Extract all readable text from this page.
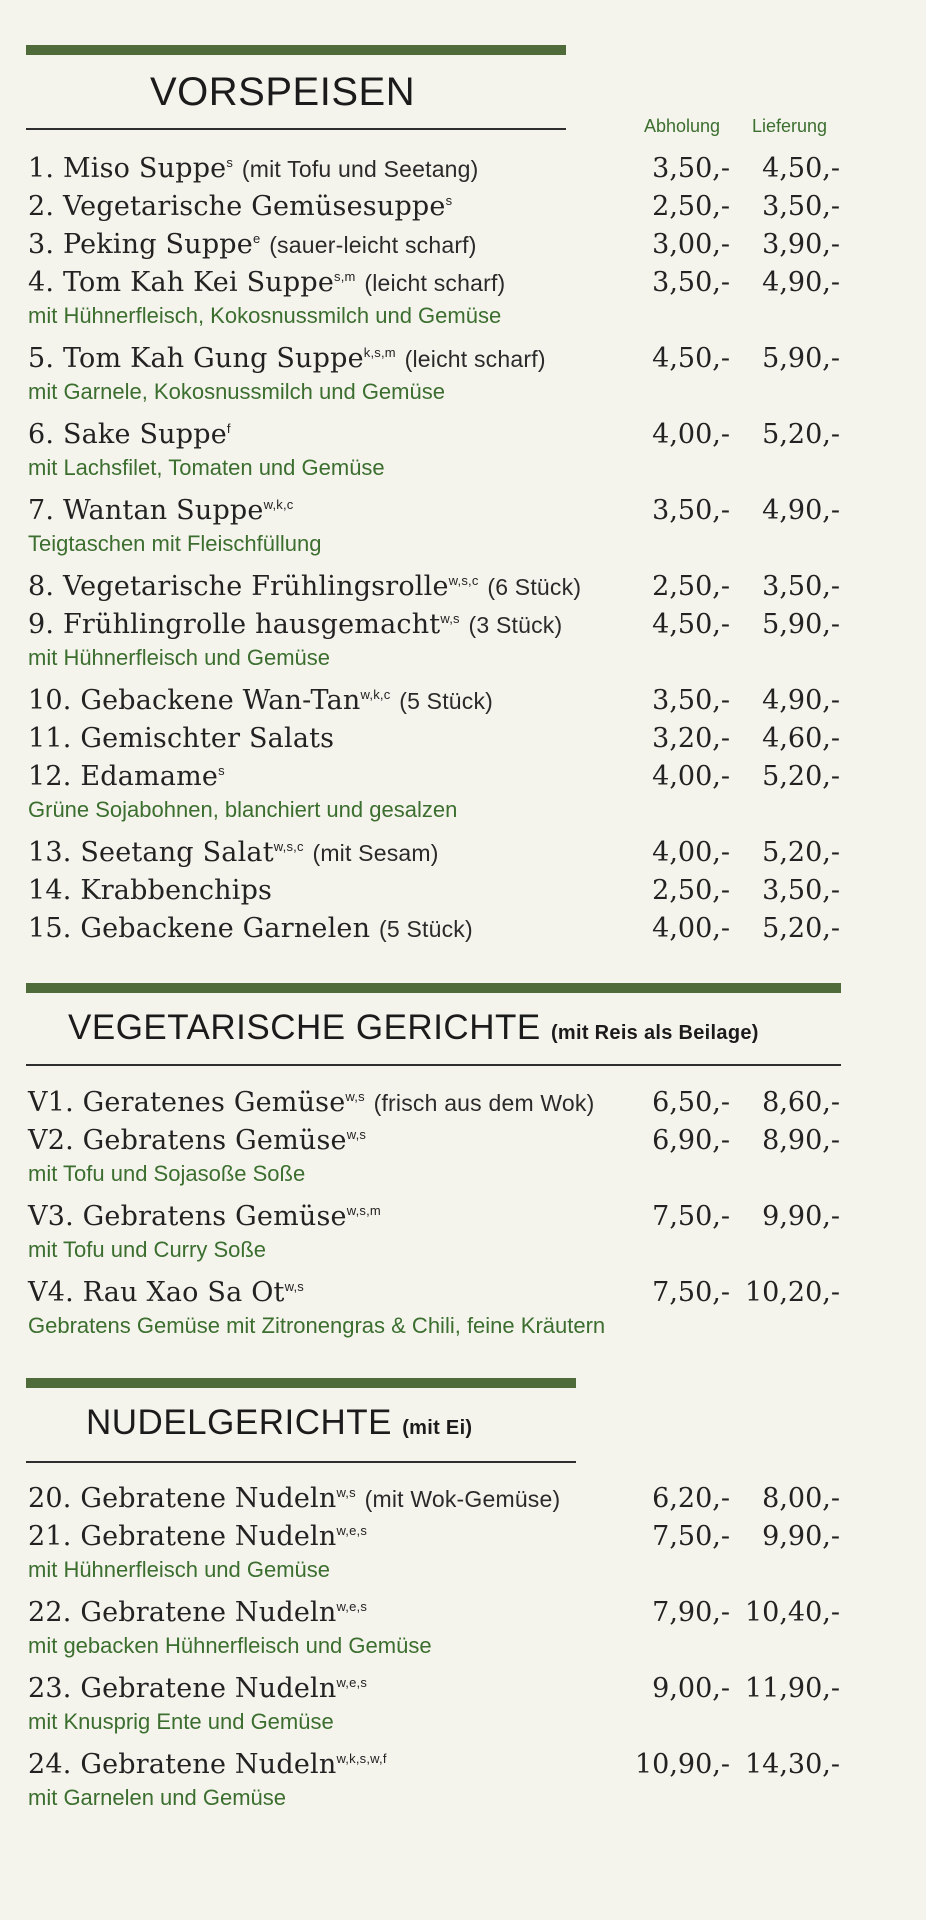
VORSPEISEN
Abholung Lieferung
1. Miso Suppe$^s$ (mit Tofu und Seetang)	3,50,- 4,50,-
2. Vegetarische Gemüsesuppe$^s$	2,50,- 3,50,-
3. Peking Suppe$^e$ (sauer-leicht scharf)	3,00,- 3,90,-
4. Tom Kah Kei Suppe$^{s,m}$ (leicht scharf)	3,50,- 4,90,-
mit Hühnerfleisch, Kokosnussmilch und Gemüse
5. Tom Kah Gung Suppe$^{k,s,m}$ (leicht scharf)	4,50,- 5,90,-
mit Garnele, Kokosnussmilch und Gemüse
6. Sake Suppe$^f$	4,00,- 5,20,-
mit Lachsfilet, Tomaten und Gemüse
7. Wantan Suppe$^{w,k,c}$	3,50,- 4,90,-
Teigtaschen mit Fleischfüllung
8. Vegetarische Frühlingsrolle$^{w,s,c}$ (6 Stück)	2,50,- 3,50,-
9. Frühlingrolle hausgemacht$^{w,s}$ (3 Stück)	4,50,- 5,90,-
mit Hühnerfleisch und Gemüse
10. Gebackene Wan-Tan$^{w,k,c}$ (5 Stück)	3,50,- 4,90,-
11. Gemischter Salats	3,20,- 4,60,-
12. Edamame$^s$	4,00,- 5,20,-
Grüne Sojabohnen, blanchiert und gesalzen
13. Seetang Salat$^{w,s,c}$ (mit Sesam)	4,00,- 5,20,-
14. Krabbenchips	2,50,- 3,50,-
15. Gebackene Garnelen (5 Stück)	4,00,- 5,20,-
VEGETARISCHE GERICHTE (mit Reis als Beilage)
V1. Geratenes Gemüse$^{w,s}$ (frisch aus dem Wok) 6,50,- 8,60,-
V2. Gebratens Gemüse$^{w,s}$	6,90,- 8,90,-
mit Tofu und Sojasoße Soße
V3. Gebratens Gemüse$^{w,s,m}$	7,50,- 9,90,-
mit Tofu und Curry Soße
V4. Rau Xao Sa Ot$^{w,s}$	7,50,- 10,20,-
Gebratens Gemüse mit Zitronengras & Chili, feine Kräutern
NUDELGERICHTE (mit Ei)
20. Gebratene Nudeln$^{w,s}$ (mit Wok-Gemüse)	6,20,- 8,00,-
21. Gebratene Nudeln$^{w,e,s}$	7,50,- 9,90,-
mit Hühnerfleisch und Gemüse
22. Gebratene Nudeln$^{w,e,s}$	7,90,- 10,40,-
mit gebacken Hühnerfleisch und Gemüse
23. Gebratene Nudeln$^{w,e,s}$	9,00,- 11,90,-
mit Knusprig Ente und Gemüse
24. Gebratene Nudeln$^{w,k,s,w,f}$	10,90,- 14,30,-
mit Garnelen und Gemüse
